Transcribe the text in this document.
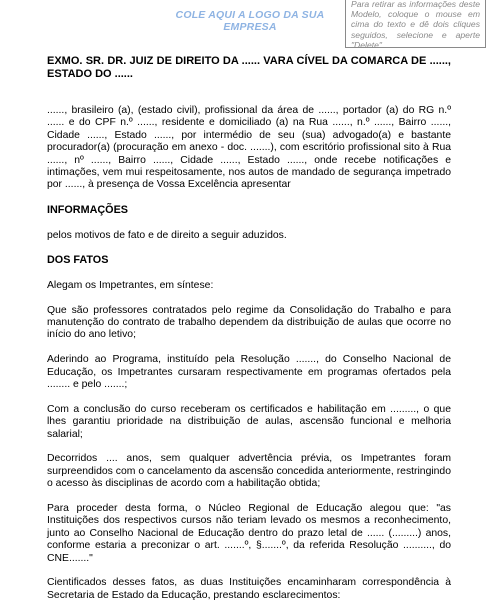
COLE AQUI A LOGO DA SUA EMPRESA
Para retirar as informações deste Modelo, coloque o mouse em cima do texto e dê dois cliques seguidos, selecione e aperte "Delete"
EXMO. SR. DR. JUIZ DE DIREITO DA ...... VARA CÍVEL DA COMARCA DE ......, ESTADO DO ......

......, brasileiro (a), (estado civil), profissional da área de ......, portador (a) do RG n.º ...... e do CPF n.º ......, residente e domiciliado (a) na Rua ......, n.º ......, Bairro ......, Cidade ......, Estado ......, por intermédio de seu (sua) advogado(a) e bastante procurador(a) (procuração em anexo - doc. .......), com escritório profissional sito à Rua ......, nº ......, Bairro ......, Cidade ......, Estado ......, onde recebe notificações e intimações, vem mui respeitosamente, nos autos de mandado de segurança impetrado por ......, à presença de Vossa Excelência apresentar

INFORMAÇÕES

pelos motivos de fato e de direito a seguir aduzidos.

DOS FATOS

Alegam os Impetrantes, em síntese:

Que são professores contratados pelo regime da Consolidação do Trabalho e para manutenção do contrato de trabalho dependem da distribuição de aulas que ocorre no início do ano letivo;

Aderindo ao Programa, instituído pela Resolução ......., do Conselho Nacional de Educação, os Impetrantes cursaram respectivamente em programas ofertados pela ........ e pelo .......;

Com a conclusão do curso receberam os certificados e habilitação em ........., o que lhes garantiu prioridade na distribuição de aulas, ascensão funcional e melhoria salarial;

Decorridos .... anos, sem qualquer advertência prévia, os Impetrantes foram surpreendidos com o cancelamento da ascensão concedida anteriormente, restringindo o acesso às disciplinas de acordo com a habilitação obtida;

Para proceder desta forma, o Núcleo Regional de Educação alegou que: "as Instituições dos respectivos cursos não teriam levado os mesmos a reconhecimento, junto ao Conselho Nacional de Educação dentro do prazo letal de ...... (.........) anos, conforme estaria a preconizar o art. .......º, §.......º, da referida Resolução .........., do CNE......."

Cientificados desses fatos, as duas Instituições encaminharam correspondência à Secretaria de Estado da Educação, prestando esclarecimentos:
